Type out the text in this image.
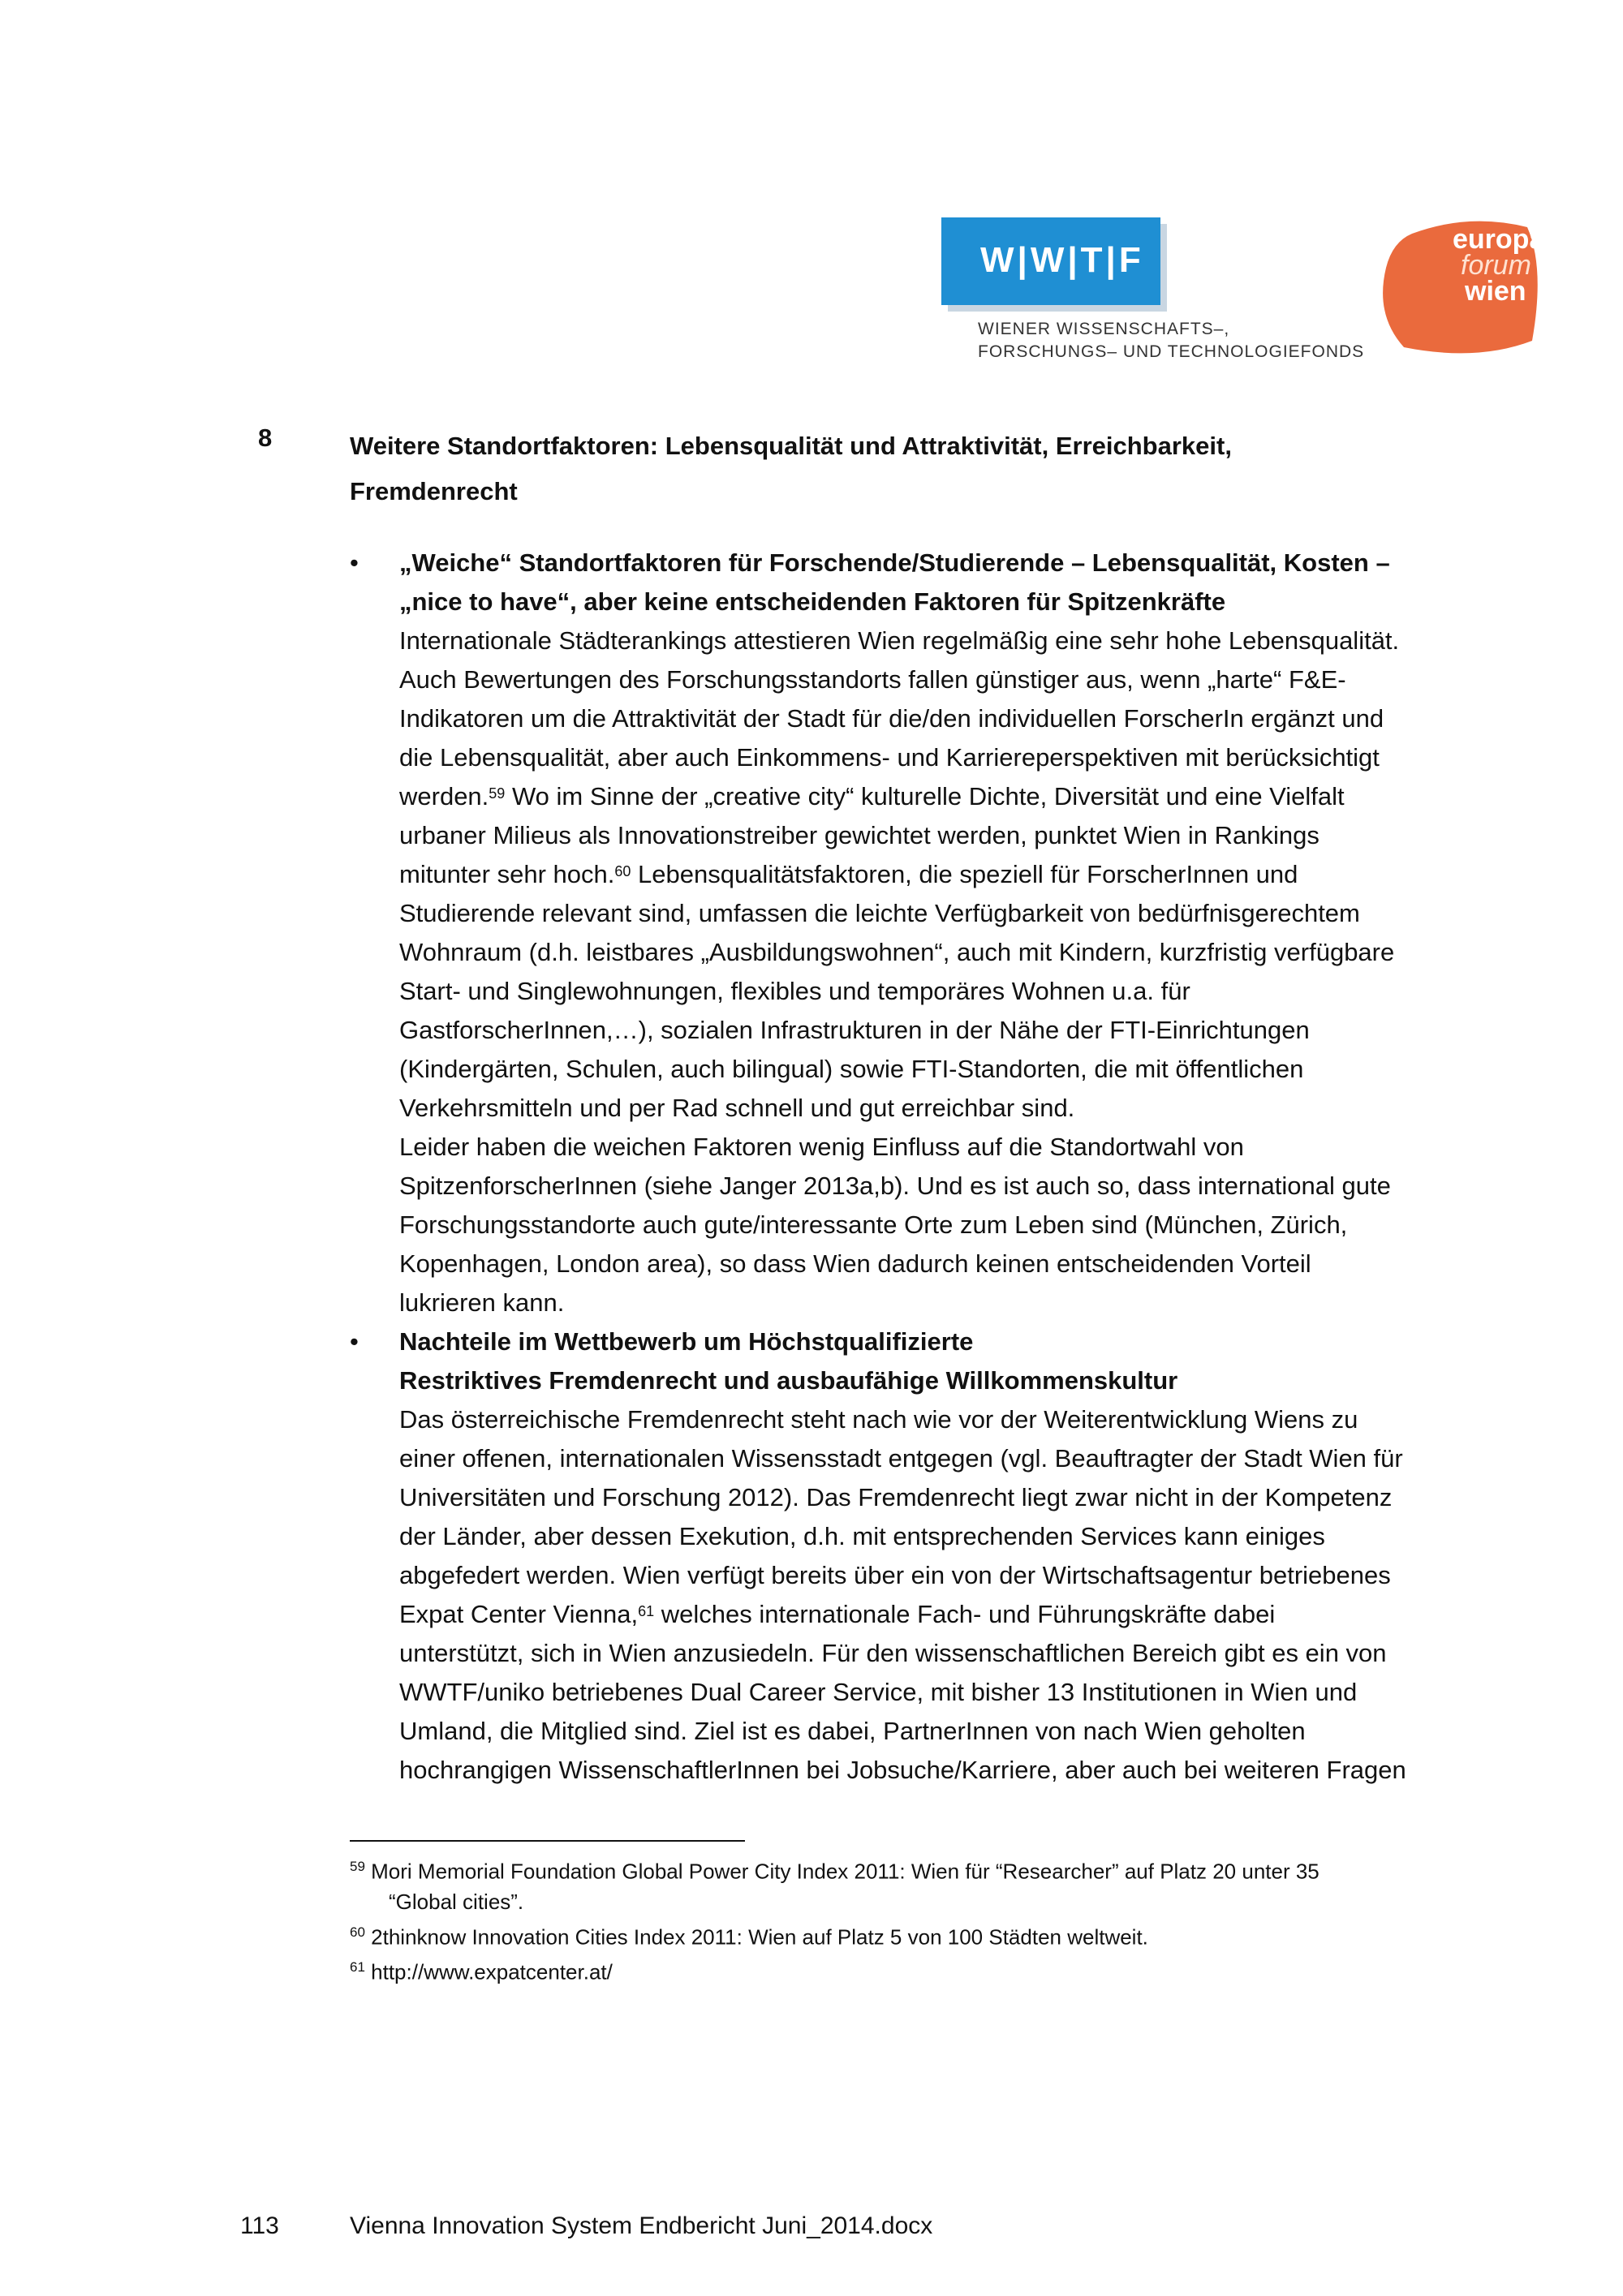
W|W|T|F
WIENER WISSENSCHAFTS–,
FORSCHUNGS– UND TECHNOLOGIEFONDS
europa
forum
wien
8	Weitere Standortfaktoren: Lebensqualität und Attraktivität, Erreichbarkeit,
Fremdenrecht
• „Weiche“ Standortfaktoren für Forschende/Studierende – Lebensqualität, Kosten –
„nice to have“, aber keine entscheidenden Faktoren für Spitzenkräfte
Internationale Städterankings attestieren Wien regelmäßig eine sehr hohe Lebensqualität.
Auch Bewertungen des Forschungsstandorts fallen günstiger aus, wenn „harte“ F&E-
Indikatoren um die Attraktivität der Stadt für die/den individuellen ForscherIn ergänzt und
die Lebensqualität, aber auch Einkommens- und Karriereperspektiven mit berücksichtigt
werden.$^{59}$ Wo im Sinne der „creative city“ kulturelle Dichte, Diversität und eine Vielfalt
urbaner Milieus als Innovationstreiber gewichtet werden, punktet Wien in Rankings
mitunter sehr hoch.$^{60}$ Lebensqualitätsfaktoren, die speziell für ForscherInnen und
Studierende relevant sind, umfassen die leichte Verfügbarkeit von bedürfnisgerechtem
Wohnraum (d.h. leistbares „Ausbildungswohnen“, auch mit Kindern, kurzfristig verfügbare
Start- und Singlewohnungen, flexibles und temporäres Wohnen u.a. für
GastforscherInnen,…), sozialen Infrastrukturen in der Nähe der FTI-Einrichtungen
(Kindergärten, Schulen, auch bilingual) sowie FTI-Standorten, die mit öffentlichen
Verkehrsmitteln und per Rad schnell und gut erreichbar sind.
Leider haben die weichen Faktoren wenig Einfluss auf die Standortwahl von
SpitzenforscherInnen (siehe Janger 2013a,b). Und es ist auch so, dass international gute
Forschungsstandorte auch gute/interessante Orte zum Leben sind (München, Zürich,
Kopenhagen, London area), so dass Wien dadurch keinen entscheidenden Vorteil
lukrieren kann.
• Nachteile im Wettbewerb um Höchstqualifizierte
Restriktives Fremdenrecht und ausbaufähige Willkommenskultur
Das österreichische Fremdenrecht steht nach wie vor der Weiterentwicklung Wiens zu
einer offenen, internationalen Wissensstadt entgegen (vgl. Beauftragter der Stadt Wien für
Universitäten und Forschung 2012). Das Fremdenrecht liegt zwar nicht in der Kompetenz
der Länder, aber dessen Exekution, d.h. mit entsprechenden Services kann einiges
abgefedert werden. Wien verfügt bereits über ein von der Wirtschaftsagentur betriebenes
Expat Center Vienna,$^{61}$ welches internationale Fach- und Führungskräfte dabei
unterstützt, sich in Wien anzusiedeln. Für den wissenschaftlichen Bereich gibt es ein von
WWTF/uniko betriebenes Dual Career Service, mit bisher 13 Institutionen in Wien und
Umland, die Mitglied sind. Ziel ist es dabei, PartnerInnen von nach Wien geholten
hochrangigen WissenschaftlerInnen bei Jobsuche/Karriere, aber auch bei weiteren Fragen
$^{59}$ Mori Memorial Foundation Global Power City Index 2011: Wien für “Researcher” auf Platz 20 unter 35
“Global cities”.
$^{60}$ 2thinknow Innovation Cities Index 2011: Wien auf Platz 5 von 100 Städten weltweit.
$^{61}$ http://www.expatcenter.at/
113	Vienna Innovation System Endbericht Juni_2014.docx
